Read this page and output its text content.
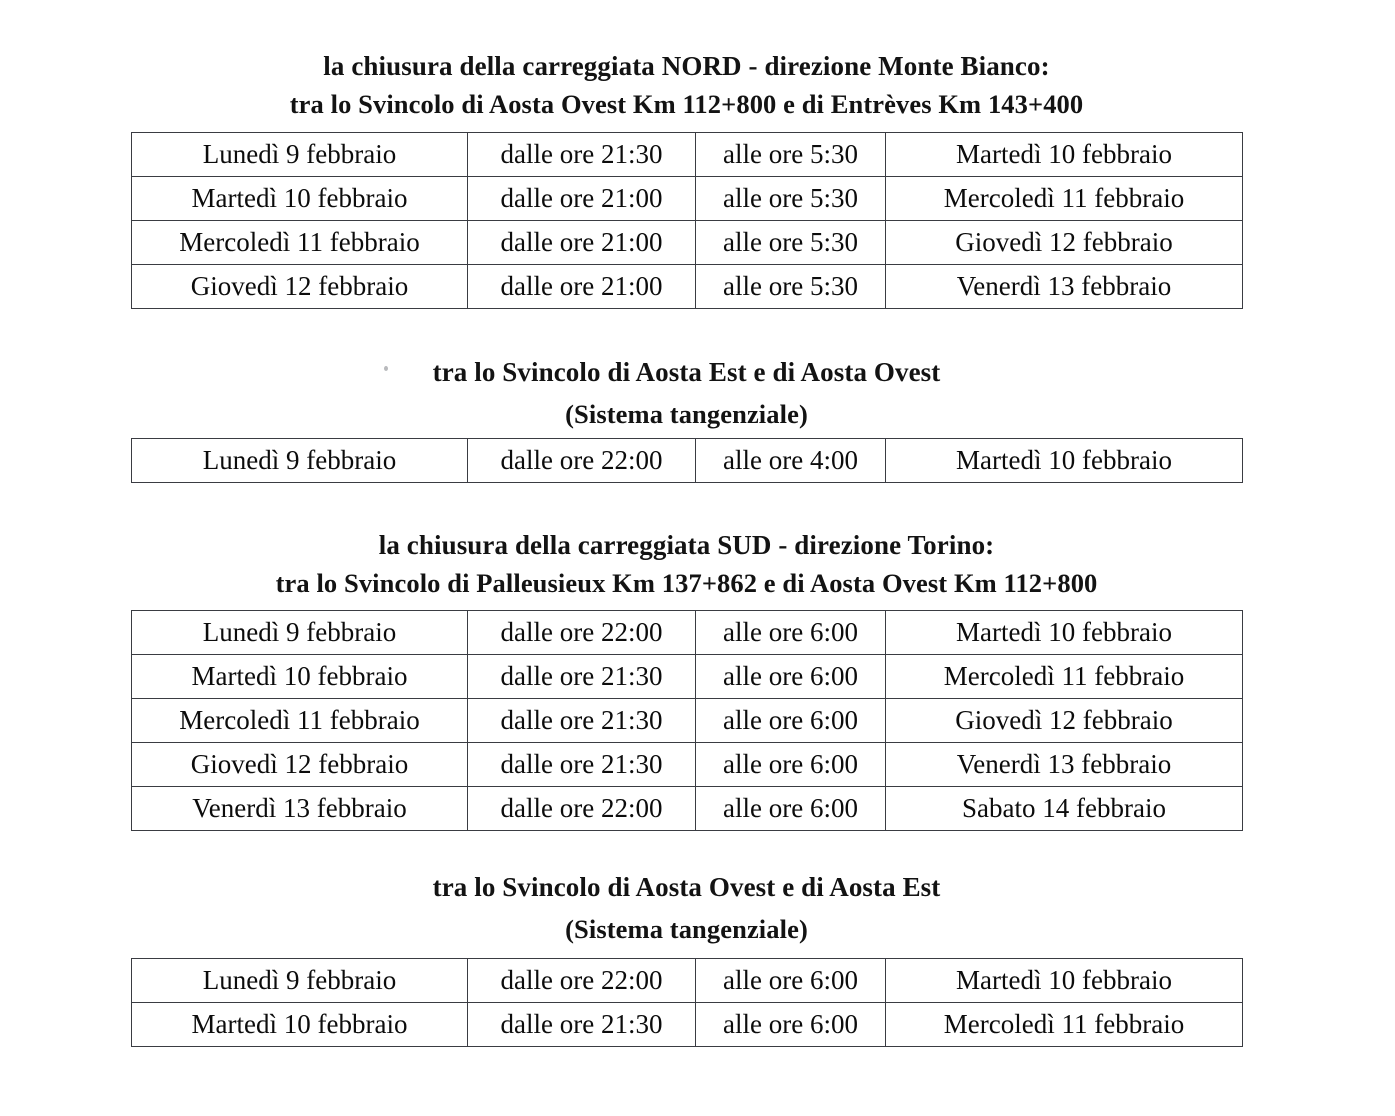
la chiusura della carreggiata NORD - direzione Monte Bianco:
tra lo Svincolo di Aosta Ovest Km 112+800 e di Entrèves Km 143+400
Lunedì 9 febbraio	dalle ore 21:30	alle ore 5:30	Martedì 10 febbraio
Martedì 10 febbraio	dalle ore 21:00	alle ore 5:30	Mercoledì 11 febbraio
Mercoledì 11 febbraio	dalle ore 21:00	alle ore 5:30	Giovedì 12 febbraio
Giovedì 12 febbraio	dalle ore 21:00	alle ore 5:30	Venerdì 13 febbraio
tra lo Svincolo di Aosta Est e di Aosta Ovest
(Sistema tangenziale)
Lunedì 9 febbraio	dalle ore 22:00	alle ore 4:00	Martedì 10 febbraio
la chiusura della carreggiata SUD - direzione Torino:
tra lo Svincolo di Palleusieux Km 137+862 e di Aosta Ovest Km 112+800
Lunedì 9 febbraio	dalle ore 22:00	alle ore 6:00	Martedì 10 febbraio
Martedì 10 febbraio	dalle ore 21:30	alle ore 6:00	Mercoledì 11 febbraio
Mercoledì 11 febbraio	dalle ore 21:30	alle ore 6:00	Giovedì 12 febbraio
Giovedì 12 febbraio	dalle ore 21:30	alle ore 6:00	Venerdì 13 febbraio
Venerdì 13 febbraio	dalle ore 22:00	alle ore 6:00	Sabato 14 febbraio
tra lo Svincolo di Aosta Ovest e di Aosta Est
(Sistema tangenziale)
Lunedì 9 febbraio	dalle ore 22:00	alle ore 6:00	Martedì 10 febbraio
Martedì 10 febbraio	dalle ore 21:30	alle ore 6:00	Mercoledì 11 febbraio
